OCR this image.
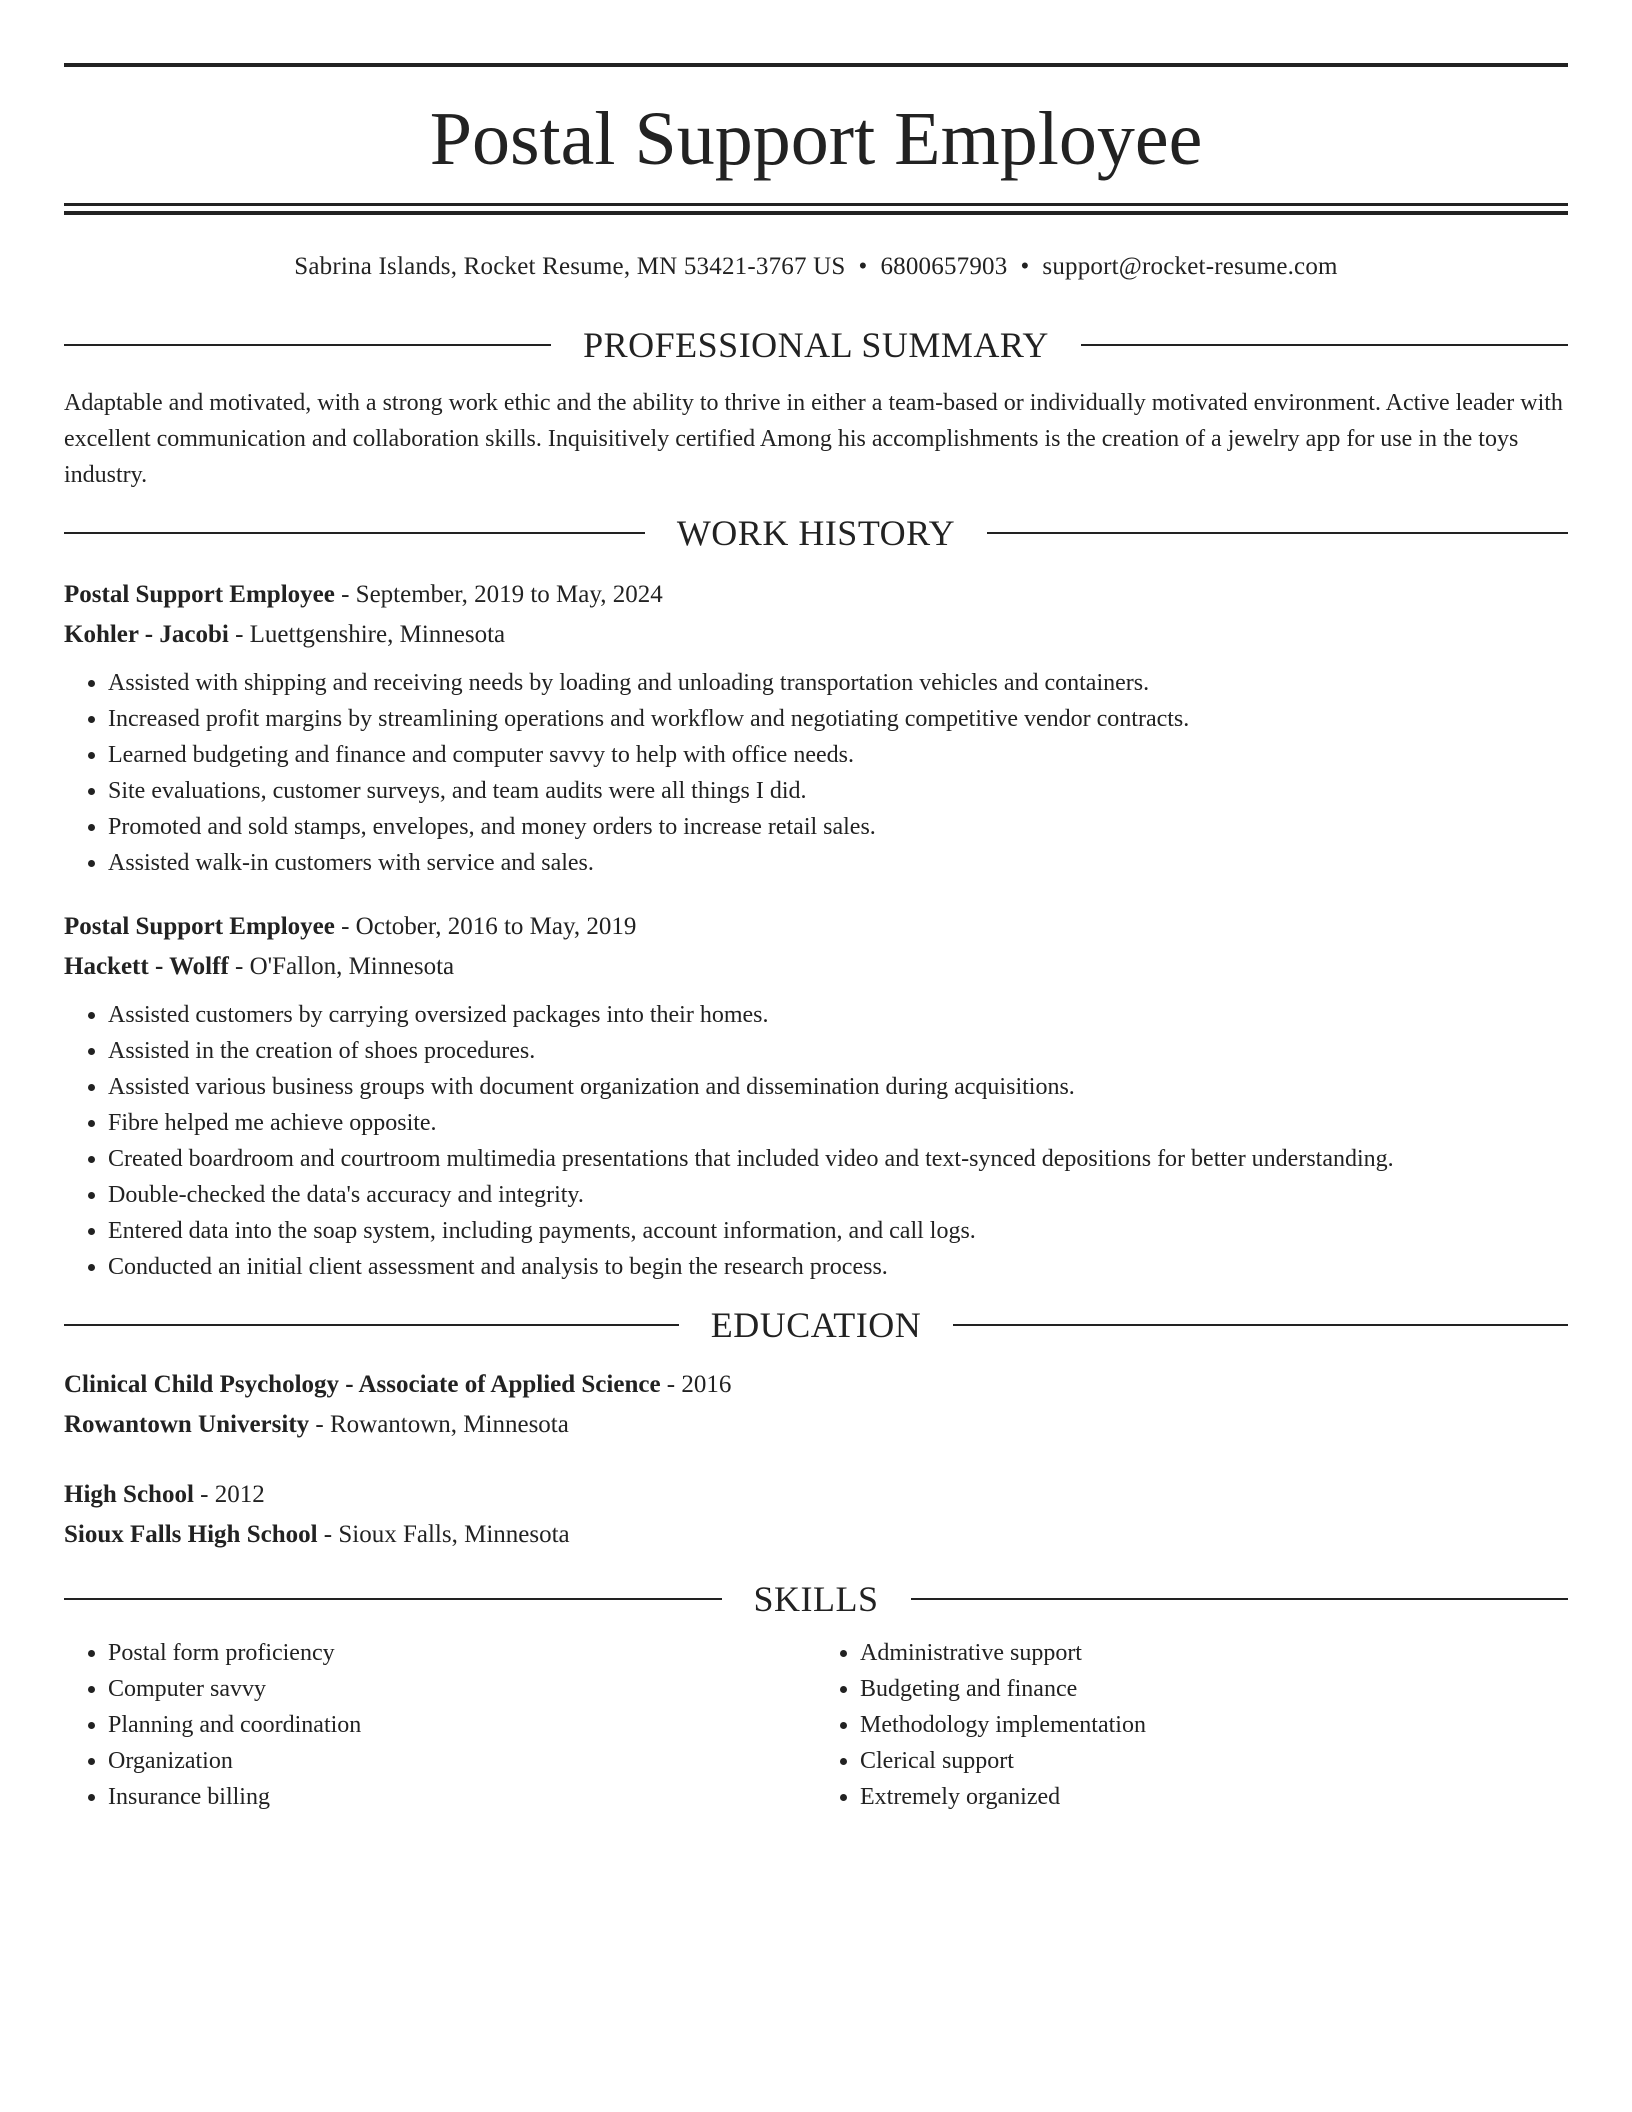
Postal Support Employee
Sabrina Islands, Rocket Resume, MN 53421-3767 US • 6800657903 • support@rocket-resume.com
PROFESSIONAL SUMMARY
Adaptable and motivated, with a strong work ethic and the ability to thrive in either a team-based or individually motivated environment. Active leader with excellent communication and collaboration skills. Inquisitively certified Among his accomplishments is the creation of a jewelry app for use in the toys industry.
WORK HISTORY
Postal Support Employee - September, 2019 to May, 2024
Kohler - Jacobi - Luettgenshire, Minnesota
• Assisted with shipping and receiving needs by loading and unloading transportation vehicles and containers.
• Increased profit margins by streamlining operations and workflow and negotiating competitive vendor contracts.
• Learned budgeting and finance and computer savvy to help with office needs.
• Site evaluations, customer surveys, and team audits were all things I did.
• Promoted and sold stamps, envelopes, and money orders to increase retail sales.
• Assisted walk-in customers with service and sales.
Postal Support Employee - October, 2016 to May, 2019
Hackett - Wolff - O'Fallon, Minnesota
• Assisted customers by carrying oversized packages into their homes.
• Assisted in the creation of shoes procedures.
• Assisted various business groups with document organization and dissemination during acquisitions.
• Fibre helped me achieve opposite.
• Created boardroom and courtroom multimedia presentations that included video and text-synced depositions for better understanding.
• Double-checked the data's accuracy and integrity.
• Entered data into the soap system, including payments, account information, and call logs.
• Conducted an initial client assessment and analysis to begin the research process.
EDUCATION
Clinical Child Psychology - Associate of Applied Science - 2016
Rowantown University - Rowantown, Minnesota
High School - 2012
Sioux Falls High School - Sioux Falls, Minnesota
SKILLS
• Postal form proficiency
• Computer savvy
• Planning and coordination
• Organization
• Insurance billing
• Administrative support
• Budgeting and finance
• Methodology implementation
• Clerical support
• Extremely organized
